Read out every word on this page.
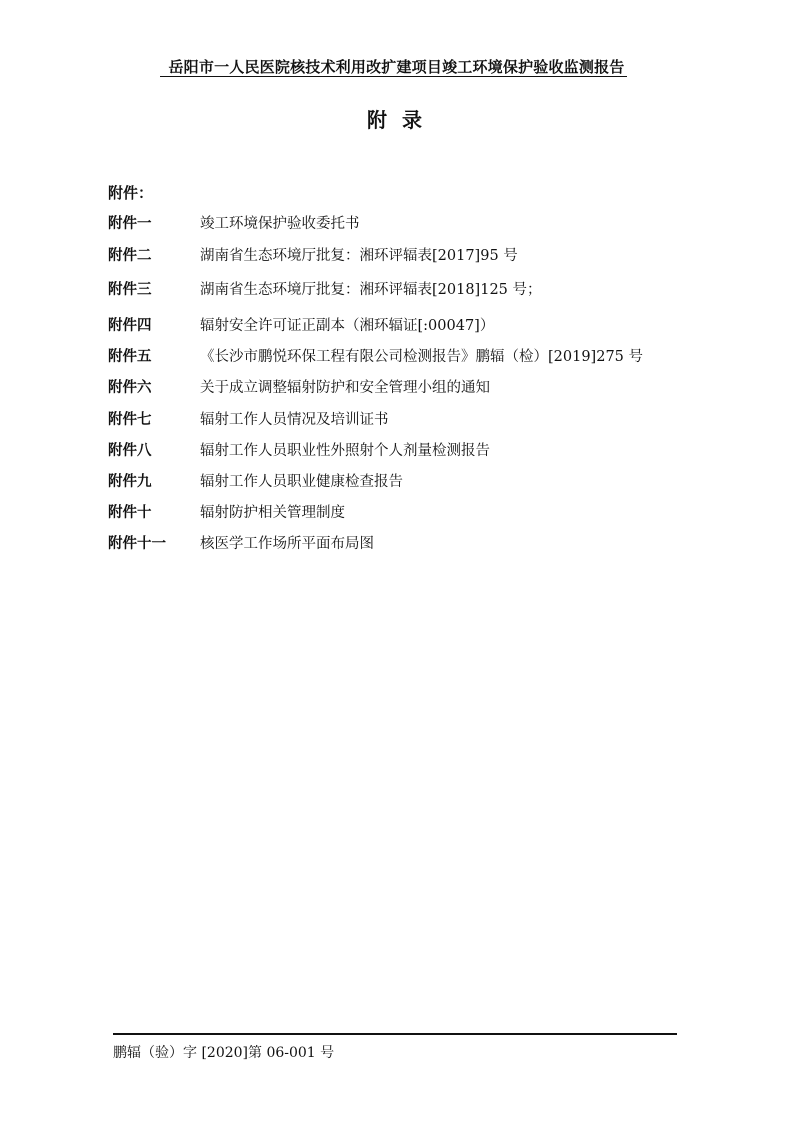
岳阳市一人民医院核技术利用改扩建项目竣工环境保护验收监测报告
附 录
附件：
附件一	竣工环境保护验收委托书
附件二	湖南省生态环境厅批复：湘环评辐表[2017]95 号
附件三	湖南省生态环境厅批复：湘环评辐表[2018]125 号；
附件四	辐射安全许可证正副本（湘环辐证[:00047]）
附件五	《长沙市鹏悦环保工程有限公司检测报告》鹏辐（检）[2019]275 号
附件六	关于成立调整辐射防护和安全管理小组的通知
附件七	辐射工作人员情况及培训证书
附件八	辐射工作人员职业性外照射个人剂量检测报告
附件九	辐射工作人员职业健康检查报告
附件十	辐射防护相关管理制度
附件十一 核医学工作场所平面布局图
鹏辐（验）字 [2020]第 06-001 号
